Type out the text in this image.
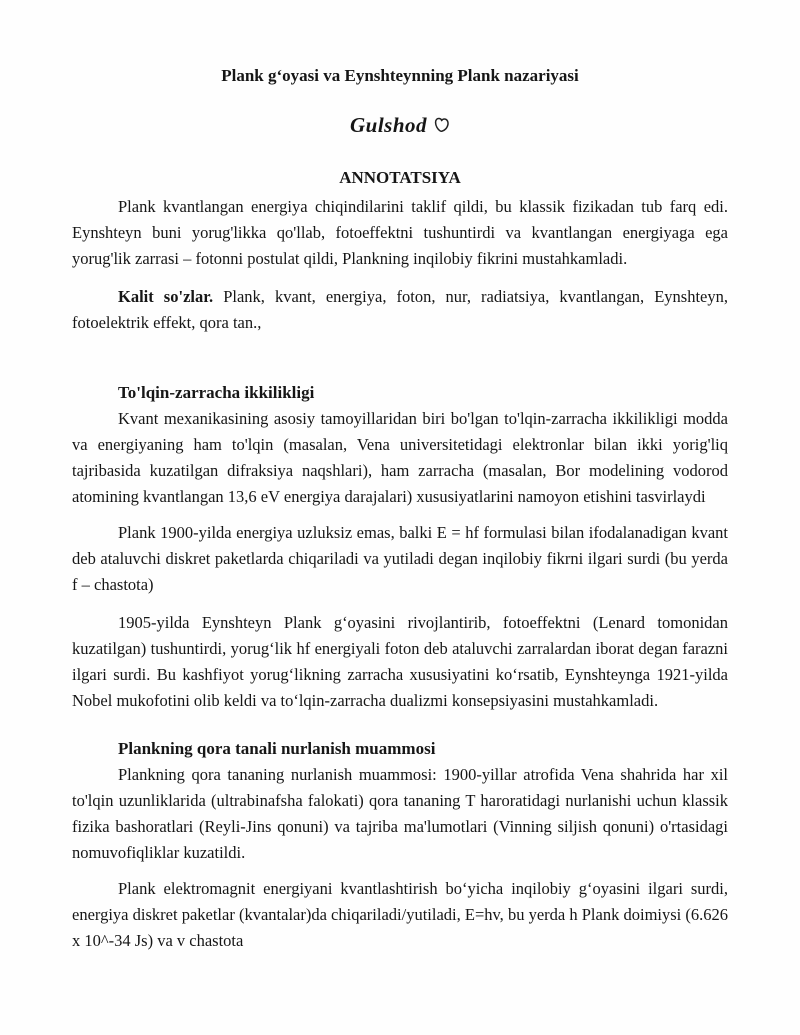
Plank g‘oyasi va Eynshteynning Plank nazariyasi
Gulshod
ANNOTATSIYA

Plank kvantlangan energiya chiqindilarini taklif qildi, bu klassik fizikadan tub farq edi. Eynshteyn buni yorug'likka qo'llab, fotoeffektni tushuntirdi va kvantlangan energiyaga ega yorug'lik zarrasi – fotonni postulat qildi, Plankning inqilobiy fikrini mustahkamladi.

Kalit so'zlar. Plank, kvant, energiya, foton, nur, radiatsiya, kvantlangan, Eynshteyn, fotoelektrik effekt, qora tan.,

To'lqin-zarracha ikkilikligi

Kvant mexanikasining asosiy tamoyillaridan biri bo'lgan to'lqin-zarracha ikkilikligi modda va energiyaning ham to'lqin (masalan, Vena universitetidagi elektronlar bilan ikki yorig'liq tajribasida kuzatilgan difraksiya naqshlari), ham zarracha (masalan, Bor modelining vodorod atomining kvantlangan 13,6 eV energiya darajalari) xususiyatlarini namoyon etishini tasvirlaydi

Plank 1900-yilda energiya uzluksiz emas, balki E = hf formulasi bilan ifodalanadigan kvant deb ataluvchi diskret paketlarda chiqariladi va yutiladi degan inqilobiy fikrni ilgari surdi (bu yerda f – chastota)

1905-yilda Eynshteyn Plank g‘oyasini rivojlantirib, fotoeffektni (Lenard tomonidan kuzatilgan) tushuntirdi, yorug‘lik hf energiyali foton deb ataluvchi zarralardan iborat degan farazni ilgari surdi. Bu kashfiyot yorug‘likning zarracha xususiyatini ko‘rsatib, Eynshteynga 1921-yilda Nobel mukofotini olib keldi va to‘lqin-zarracha dualizmi konsepsiyasini mustahkamladi.

Plankning qora tanali nurlanish muammosi

Plankning qora tananing nurlanish muammosi: 1900-yillar atrofida Vena shahrida har xil to'lqin uzunliklarida (ultrabinafsha falokati) qora tananing T haroratidagi nurlanishi uchun klassik fizika bashoratlari (Reyli-Jins qonuni) va tajriba ma'lumotlari (Vinning siljish qonuni) o'rtasidagi nomuvofiqliklar kuzatildi.

Plank elektromagnit energiyani kvantlashtirish bo‘yicha inqilobiy g‘oyasini ilgari surdi, energiya diskret paketlar (kvantalar)da chiqariladi/yutiladi, E=hv, bu yerda h Plank doimiysi (6.626 x 10^-34 Js) va v chastota
